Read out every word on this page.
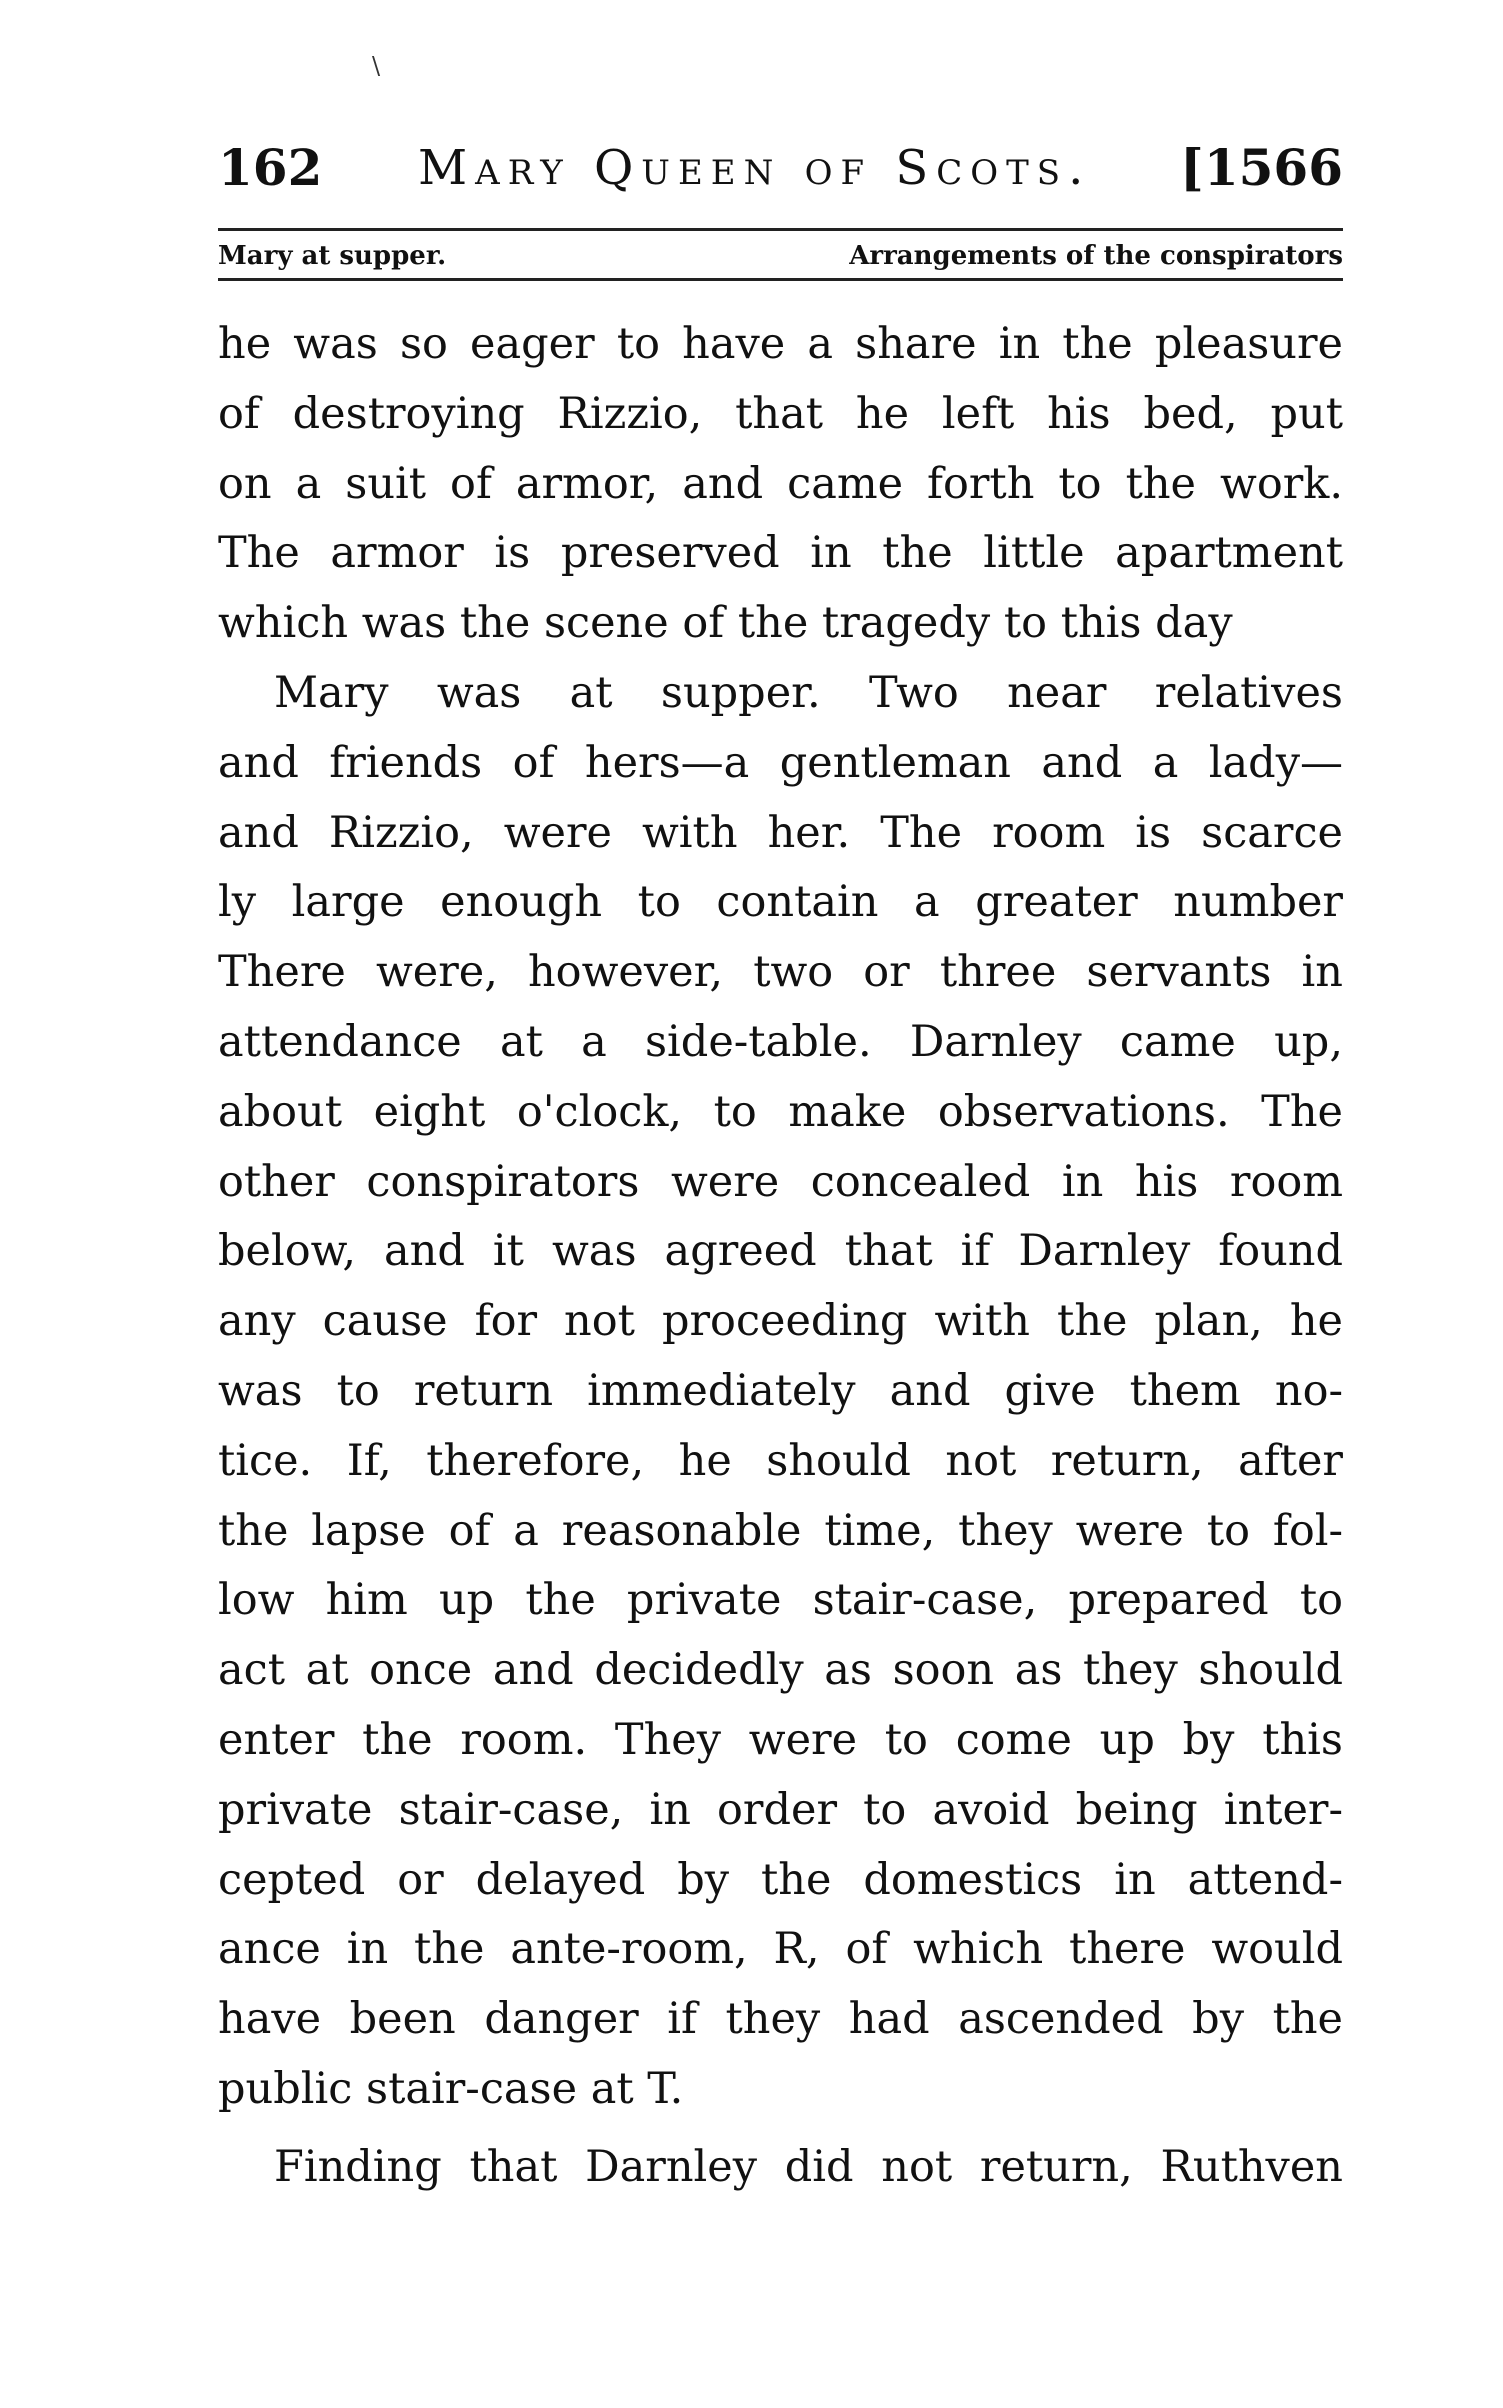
\
162 Mary Queen of Scots.	[1566
Mary at supper.	Arrangements of the conspirators
he was so eager to have a share in the pleasure
of destroying Rizzio, that he left his bed, put
on a suit of armor, and came forth to the work.
The armor is preserved in the little apartment
which was the scene of the tragedy to this day
Mary was at supper. Two near relatives
and friends of hers—a gentleman and a lady—
and Rizzio, were with her. The room is scarce
ly large enough to contain a greater number
There were, however, two or three servants in
attendance at a side-table. Darnley came up,
about eight o'clock, to make observations. The
other conspirators were concealed in his room
below, and it was agreed that if Darnley found
any cause for not proceeding with the plan, he
was to return immediately and give them no-
tice. If, therefore, he should not return, after
the lapse of a reasonable time, they were to fol-
low him up the private stair-case, prepared to
act at once and decidedly as soon as they should
enter the room. They were to come up by this
private stair-case, in order to avoid being inter-
cepted or delayed by the domestics in attend-
ance in the ante-room, R, of which there would
have been danger if they had ascended by the
public stair-case at T.
Finding that Darnley did not return, Ruthven
